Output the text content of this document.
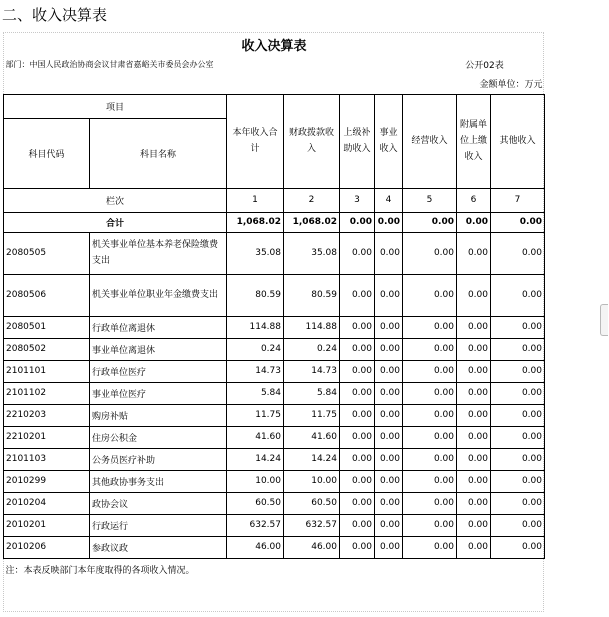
二、收入决算表
收入决算表								
部门：中国人民政治协商会议甘肃省嘉峪关市委员会办公室						公开02表		
金额单位：万元								
项目		本年收入合计	财政拨款收入	上级补助收入	事业收入	经营收入	附属单位上缴收入	其他收入
科目代码	科目名称							
栏次		1	2	3	4	5	6	7
合计		1,068.02	1,068.02	0.00	0.00	0.00	0.00	0.00
2080505	机关事业单位基本养老保险缴费支出	35.08	35.08	0.00	0.00	0.00	0.00	0.00
2080506	机关事业单位职业年金缴费支出	80.59	80.59	0.00	0.00	0.00	0.00	0.00
2080501	行政单位离退休	114.88	114.88	0.00	0.00	0.00	0.00	0.00
2080502	事业单位离退休	0.24	0.24	0.00	0.00	0.00	0.00	0.00
2101101	行政单位医疗	14.73	14.73	0.00	0.00	0.00	0.00	0.00
2101102	事业单位医疗	5.84	5.84	0.00	0.00	0.00	0.00	0.00
2210203	购房补贴	11.75	11.75	0.00	0.00	0.00	0.00	0.00
2210201	住房公积金	41.60	41.60	0.00	0.00	0.00	0.00	0.00
2101103	公务员医疗补助	14.24	14.24	0.00	0.00	0.00	0.00	0.00
2010299	其他政协事务支出	10.00	10.00	0.00	0.00	0.00	0.00	0.00
2010204	政协会议	60.50	60.50	0.00	0.00	0.00	0.00	0.00
2010201	行政运行	632.57	632.57	0.00	0.00	0.00	0.00	0.00
2010206	参政议政	46.00	46.00	0.00	0.00	0.00	0.00	0.00
注：本表反映部门本年度取得的各项收入情况。								
